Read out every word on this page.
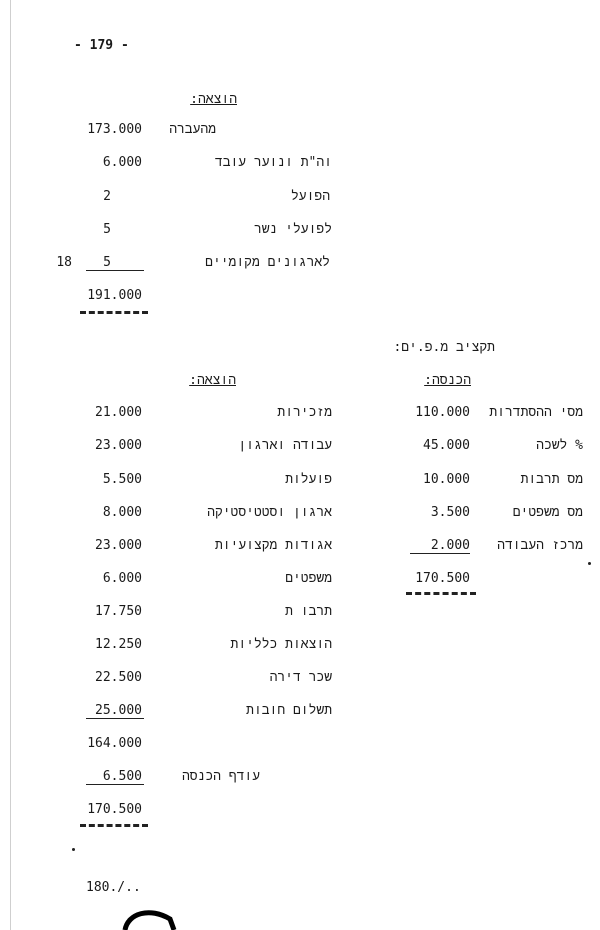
- 179 -
הוצאה:
מהעברה
173.000
וה"ת ונוער עובד
6.000
הפועל
2
לפועלי נשר
5
לארגונים מקומיים
5
18
191.000
תקציב מ.פ.ים:
הכנסה:
מסי ההסתדרות
110.000
% לשכה
45.000
מס תרבות
10.000
מס משפטים
3.500
מרכז העבודה
2.000
170.500
הוצאה:
מזכירות
21.000
עבודה וארגון
23.000
פועלות
5.500
ארגון וסטטיסטיקה
8.000
אגודות מקצועיות
23.000
משפטים
6.000
תרבו ת
17.750
הוצאות כלליות
12.250
שכר דירה
22.500
תשלום חובות
25.000
164.000
עודף הכנסה
6.500
170.500
180./..
